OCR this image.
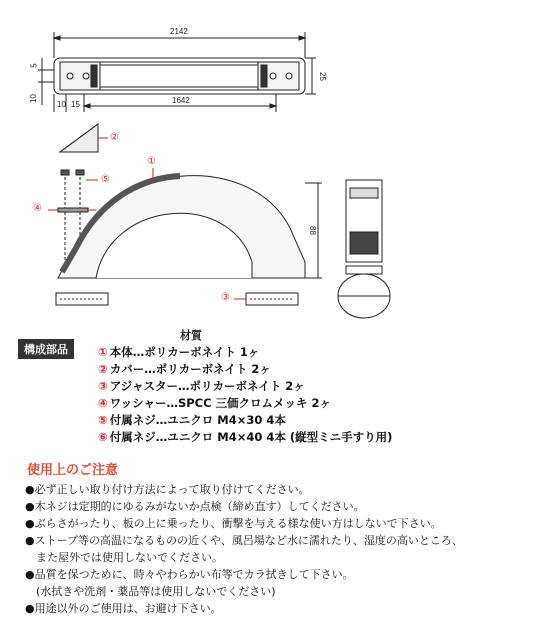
2142
1642
25
5
10
10 15
88
①
②
③
④
⑤
構成部品
材質
① 本体…ポリカーボネイト 1ヶ
② カバー…ポリカーボネイト 2ヶ
③ アジャスター…ポリカーボネイト 2ヶ
④ ワッシャー…SPCC 三価クロムメッキ 2ヶ
⑤ 付属ネジ…ユニクロ M4×30 4本
⑥ 付属ネジ…ユニクロ M4×40 4本 (縦型ミニ手すり用)
使用上のご注意
●必ず正しい取り付け方法によって取り付けてください。
●木ネジは定期的にゆるみがないか点検（締め直す）してください。
●ぶらさがったり、板の上に乗ったり、衝撃を与える様な使い方はしないで下さい。
●ストーブ等の高温になるものの近くや、風呂場など水に濡れたり、湿度の高いところ、
　また屋外では使用しないでください。
●品質を保つために、時々やわらかい布等でカラ拭きして下さい。
　(水拭きや洗剤・薬品等は使用しないでください)
●用途以外のご使用は、お避け下さい。
